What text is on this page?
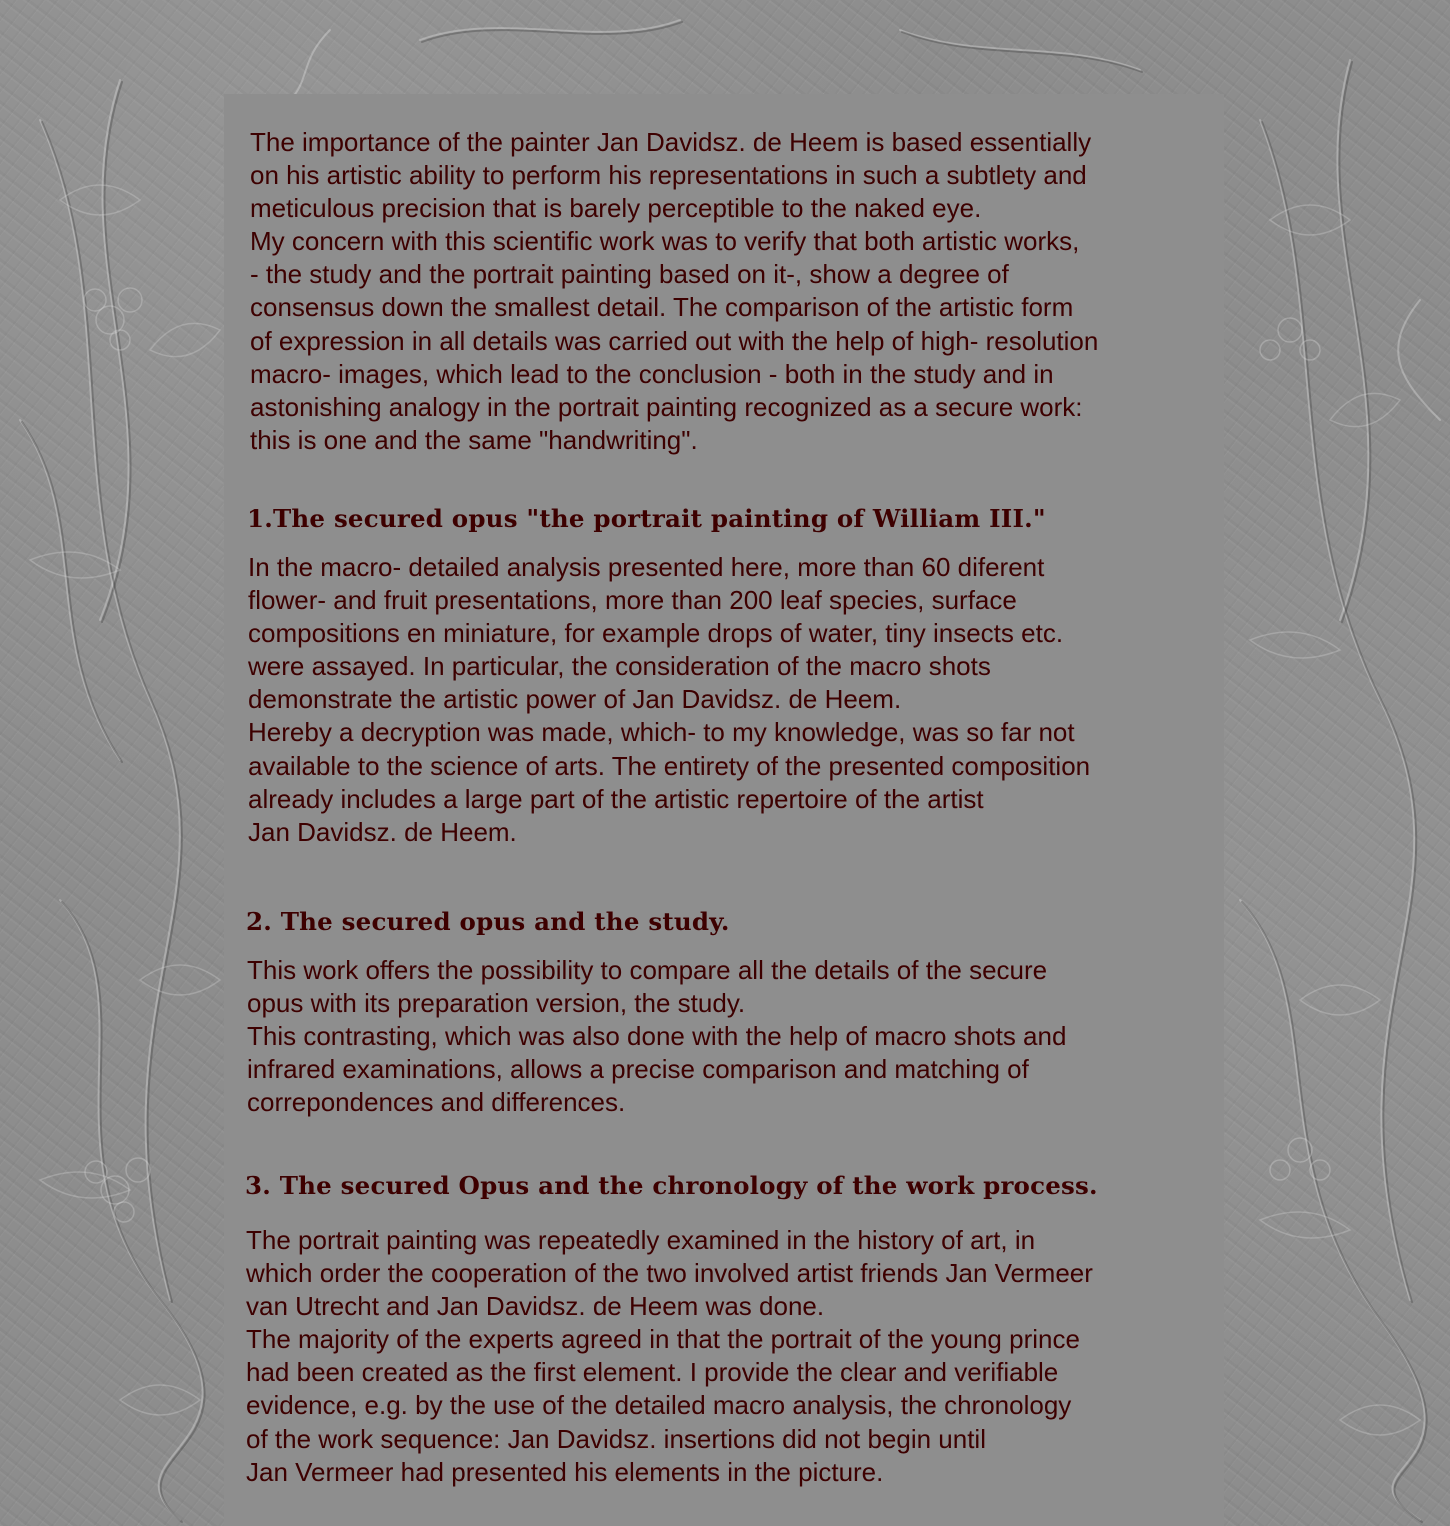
The importance of the painter Jan Davidsz. de Heem is based essentially
on his artistic ability to perform his representations in such a subtlety and
meticulous precision that is barely perceptible to the naked eye.
My concern with this scientific work was to verify that both artistic works,
- the study and the portrait painting based on it-, show a degree of
consensus down the smallest detail. The comparison of the artistic form
of expression in all details was carried out with the help of high- resolution
macro- images, which lead to the conclusion - both in the study and in
astonishing analogy in the portrait painting recognized as a secure work:
this is one and the same "handwriting".

1.The secured opus "the portrait painting of William III."

In the macro- detailed analysis presented here, more than 60 diferent
flower- and fruit presentations, more than 200 leaf species, surface
compositions en miniature, for example drops of water, tiny insects etc.
were assayed. In particular, the consideration of the macro shots
demonstrate the artistic power of Jan Davidsz. de Heem.
Hereby a decryption was made, which- to my knowledge, was so far not
available to the science of arts. The entirety of the presented composition
already includes a large part of the artistic repertoire of the artist
Jan Davidsz. de Heem.

2. The secured opus and the study.

This work offers the possibility to compare all the details of the secure
opus with its preparation version, the study.
This contrasting, which was also done with the help of macro shots and
infrared examinations, allows a precise comparison and matching of
correpondences and differences.

3. The secured Opus and the chronology of the work process.

The portrait painting was repeatedly examined in the history of art, in
which order the cooperation of the two involved artist friends Jan Vermeer
van Utrecht and Jan Davidsz. de Heem was done.
The majority of the experts agreed in that the portrait of the young prince
had been created as the first element. I provide the clear and verifiable
evidence, e.g. by the use of the detailed macro analysis, the chronology
of the work sequence: Jan Davidsz. insertions did not begin until
Jan Vermeer had presented his elements in the picture.
